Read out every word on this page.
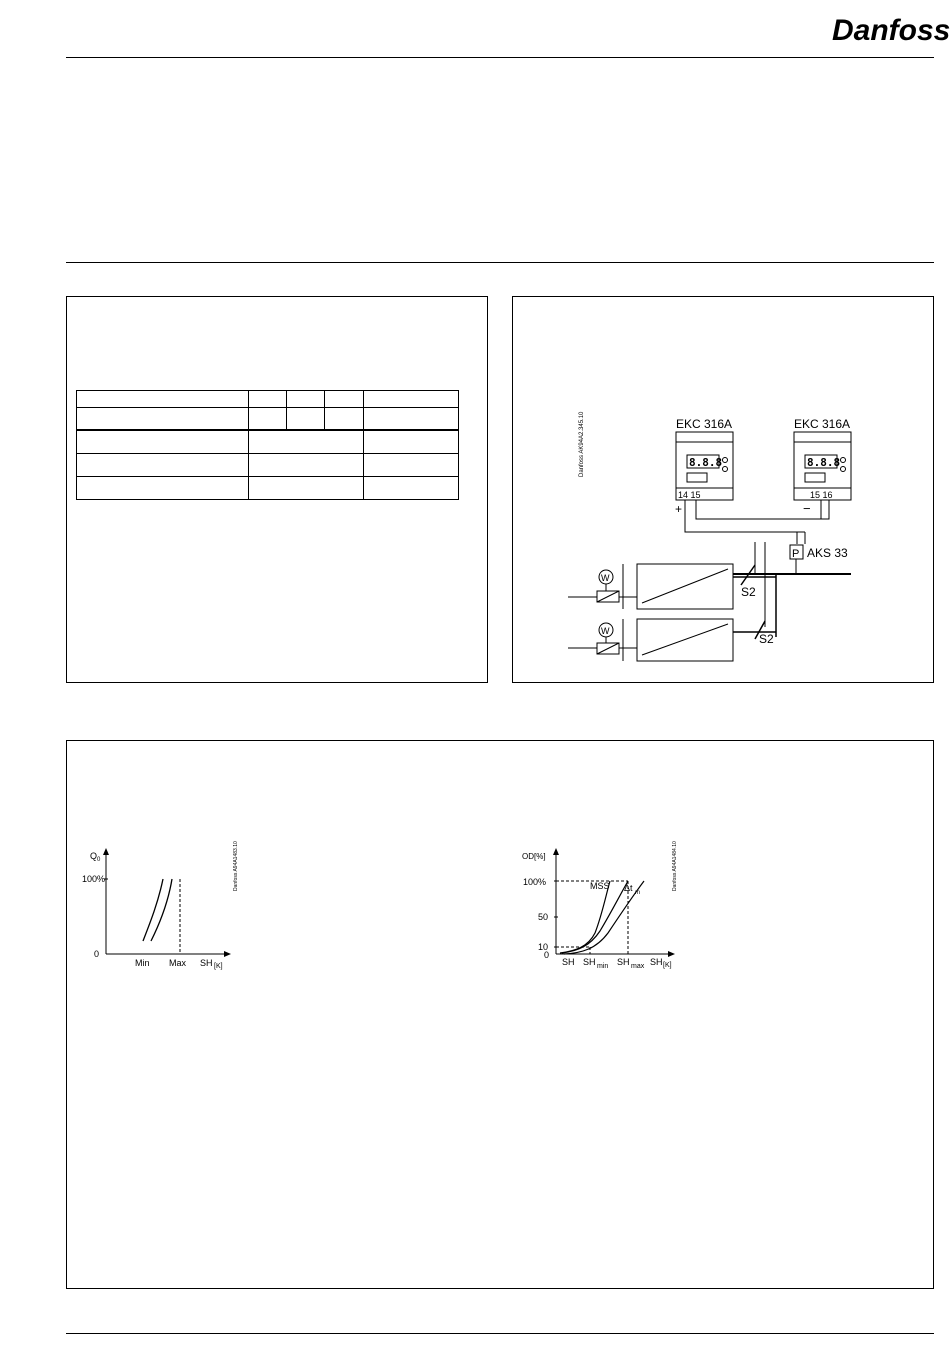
Danfoss

Danfoss AK94A2.345.10	EKC 316A
8.8.8
14 15
EKC 316A
8.8.8
15 16
+	−
P AKS 33
W
W
S2
S2
Danfoss A94A1483.10
Q 0
100%
0
Min Max SH [K]
Danfoss A94A1484.10
OD[%]
100%
50
10
0
MSS Δt m
SH SH min SH max SH [K]
